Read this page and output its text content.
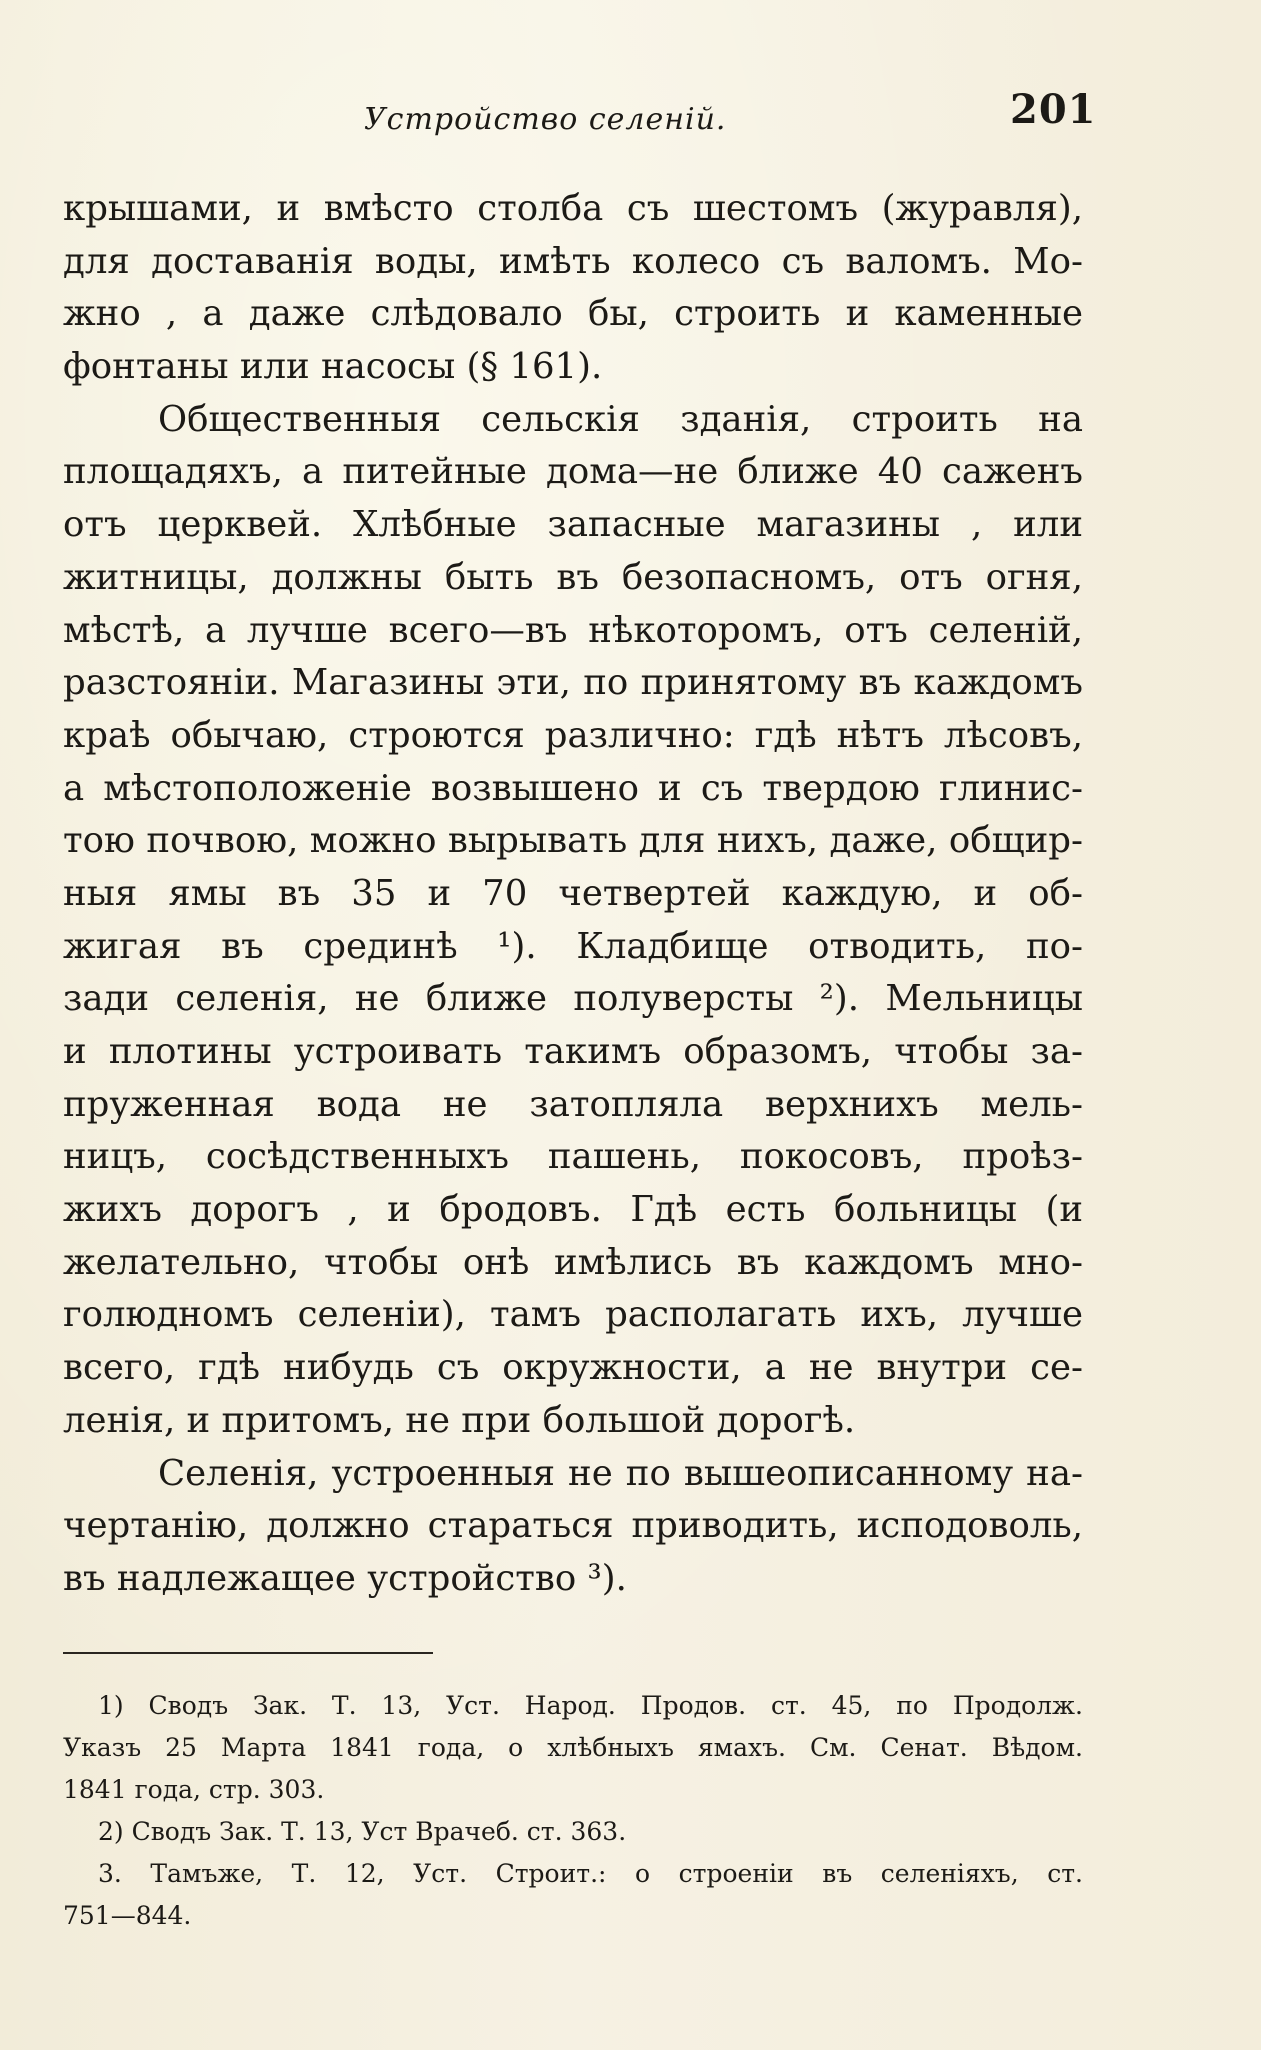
Устройство селеній.	201
крышами, и вмѣсто столба съ шестомъ (журавля),
для доставанія воды, имѣть колесо съ валомъ. Мо-
жно , а даже слѣдовало бы, строить и каменные
фонтаны или насосы (§ 161).
Общественныя сельскія зданія, строить на
площадяхъ, а питейные дома—не ближе 40 саженъ
отъ церквей. Хлѣбные запасные магазины , или
житницы, должны быть въ безопасномъ, отъ огня,
мѣстѣ, а лучше всего—въ нѣкоторомъ, отъ селеній,
разстояніи. Магазины эти, по принятому въ каждомъ
краѣ обычаю, строются различно: гдѣ нѣтъ лѣсовъ,
а мѣстоположеніе возвышено и съ твердою глинис-
тою почвою, можно вырывать для нихъ, даже, общир-
ныя ямы въ 35 и 70 четвертей каждую, и об-
жигая въ срединѣ ¹). Кладбище отводить, по-
зади селенія, не ближе полуверсты ²). Мельницы
и плотины устроивать такимъ образомъ, чтобы за-
пруженная вода не затопляла верхнихъ мель-
ницъ, сосѣдственныхъ пашень, покосовъ, проѣз-
жихъ дорогъ , и бродовъ. Гдѣ есть больницы (и
желательно, чтобы онѣ имѣлись въ каждомъ мно-
голюдномъ селеніи), тамъ располагать ихъ, лучше
всего, гдѣ нибудь съ окружности, а не внутри се-
ленія, и притомъ, не при большой дорогѣ.
Селенія, устроенныя не по вышеописанному на-
чертанію, должно стараться приводить, исподоволь,
въ надлежащее устройство ³).
1) Сводъ Зак. Т. 13, Уст. Народ. Продов. ст. 45, по Продолж.
Указъ 25 Марта 1841 года, о хлѣбныхъ ямахъ. См. Сенат. Вѣдом.
1841 года, стр. 303.
2) Сводъ Зак. Т. 13, Уст Врачеб. ст. 363.
3. Тамъже, Т. 12, Уст. Строит.: о строеніи въ селеніяхъ, ст.
751—844.
